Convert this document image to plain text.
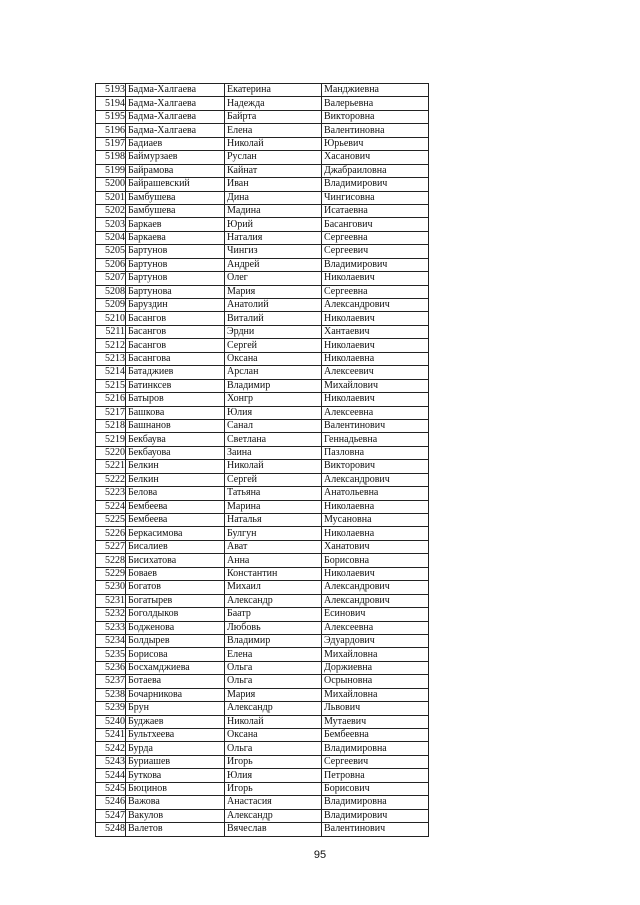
5193	Бадма-Халгаева	Екатерина	Манджиевна
5194	Бадма-Халгаева	Надежда	Валерьевна
5195	Бадма-Халгаева	Байрта	Викторовна
5196	Бадма-Халгаева	Елена	Валентиновна
5197	Бадиаев	Николай	Юрьевич
5198	Баймурзаев	Руслан	Хасанович
5199	Байрамова	Кайнат	Джабраиловна
5200	Байрашевский	Иван	Владимирович
5201	Бамбушева	Дина	Чингисовна
5202	Бамбушева	Мадина	Исатаевна
5203	Баркаев	Юрий	Басангович
5204	Баркаева	Наталия	Сергеевна
5205	Бартунов	Чингиз	Сергеевич
5206	Бартунов	Андрей	Владимирович
5207	Бартунов	Олег	Николаевич
5208	Бартунова	Мария	Сергеевна
5209	Баруздин	Анатолий	Александрович
5210	Басангов	Виталий	Николаевич
5211	Басангов	Эрдни	Хантаевич
5212	Басангов	Сергей	Николаевич
5213	Басангова	Оксана	Николаевна
5214	Батаджиев	Арслан	Алексеевич
5215	Батинксев	Владимир	Михайлович
5216	Батыров	Хонгр	Николаевич
5217	Башкова	Юлия	Алексеевна
5218	Башнанов	Санал	Валентинович
5219	Бекбаува	Светлана	Геннадьевна
5220	Бекбауова	Заина	Пазловна
5221	Белкин	Николай	Викторович
5222	Белкин	Сергей	Александрович
5223	Белова	Татьяна	Анатольевна
5224	Бембеева	Марина	Николаевна
5225	Бембеева	Наталья	Мусановна
5226	Беркасимова	Булгун	Николаевна
5227	Бисалиев	Ават	Ханатович
5228	Бисихатова	Анна	Борисовна
5229	Боваев	Константин	Николаевич
5230	Богатов	Михаил	Александрович
5231	Богатырев	Александр	Александрович
5232	Боголдыков	Баатр	Есинович
5233	Бодженова	Любовь	Алексеевна
5234	Болдырев	Владимир	Эдуардович
5235	Борисова	Елена	Михайловна
5236	Босхамджиева	Ольга	Доржиевна
5237	Ботаева	Ольга	Осрыновна
5238	Бочарникова	Мария	Михайловна
5239	Брун	Александр	Львович
5240	Буджаев	Николай	Мутаевич
5241	Бультхеева	Оксана	Бембеевна
5242	Бурда	Ольга	Владимировна
5243	Буриашев	Игорь	Сергеевич
5244	Буткова	Юлия	Петровна
5245	Бюцинов	Игорь	Борисович
5246	Важова	Анастасия	Владимировна
5247	Вакулов	Александр	Владимирович
5248	Валетов	Вячеслав	Валентинович
95
